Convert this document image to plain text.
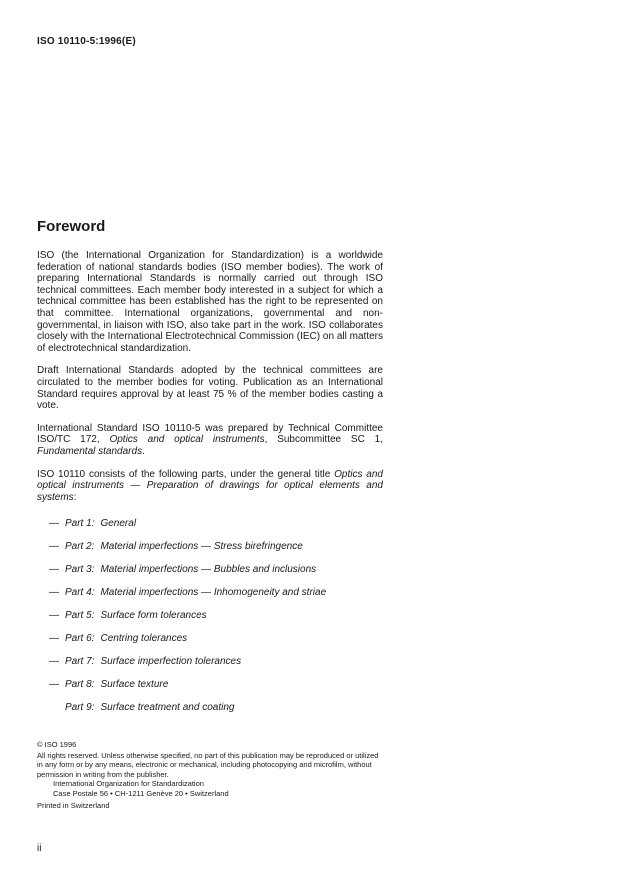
ISO 10110-5:1996(E)
Foreword

ISO (the International Organization for Standardization) is a worldwide federation of national standards bodies (ISO member bodies). The work of preparing International Standards is normally carried out through ISO technical committees. Each member body interested in a subject for which a technical committee has been established has the right to be represented on that committee. International organizations, governmental and non-governmental, in liaison with ISO, also take part in the work. ISO collaborates closely with the International Electrotechnical Commission (IEC) on all matters of electrotechnical standardization.

Draft International Standards adopted by the technical committees are circulated to the member bodies for voting. Publication as an International Standard requires approval by at least 75 % of the member bodies casting a vote.

International Standard ISO 10110-5 was prepared by Technical Committee ISO/TC 172, Optics and optical instruments, Subcommittee SC 1, Fundamental standards.

ISO 10110 consists of the following parts, under the general title Optics and optical instruments — Preparation of drawings for optical elements and systems:

— Part 1: General
— Part 2: Material imperfections — Stress birefringence
— Part 3: Material imperfections — Bubbles and inclusions
— Part 4: Material imperfections — Inhomogeneity and striae
— Part 5: Surface form tolerances
— Part 6: Centring tolerances
— Part 7: Surface imperfection tolerances
— Part 8: Surface texture
Part 9: Surface treatment and coating
© ISO 1996
All rights reserved. Unless otherwise specified, no part of this publication may be reproduced or utilized in any form or by any means, electronic or mechanical, including photocopying and microfilm, without permission in writing from the publisher.
International Organization for Standardization
Case Postale 56 • CH-1211 Genève 20 • Switzerland
Printed in Switzerland
ii
